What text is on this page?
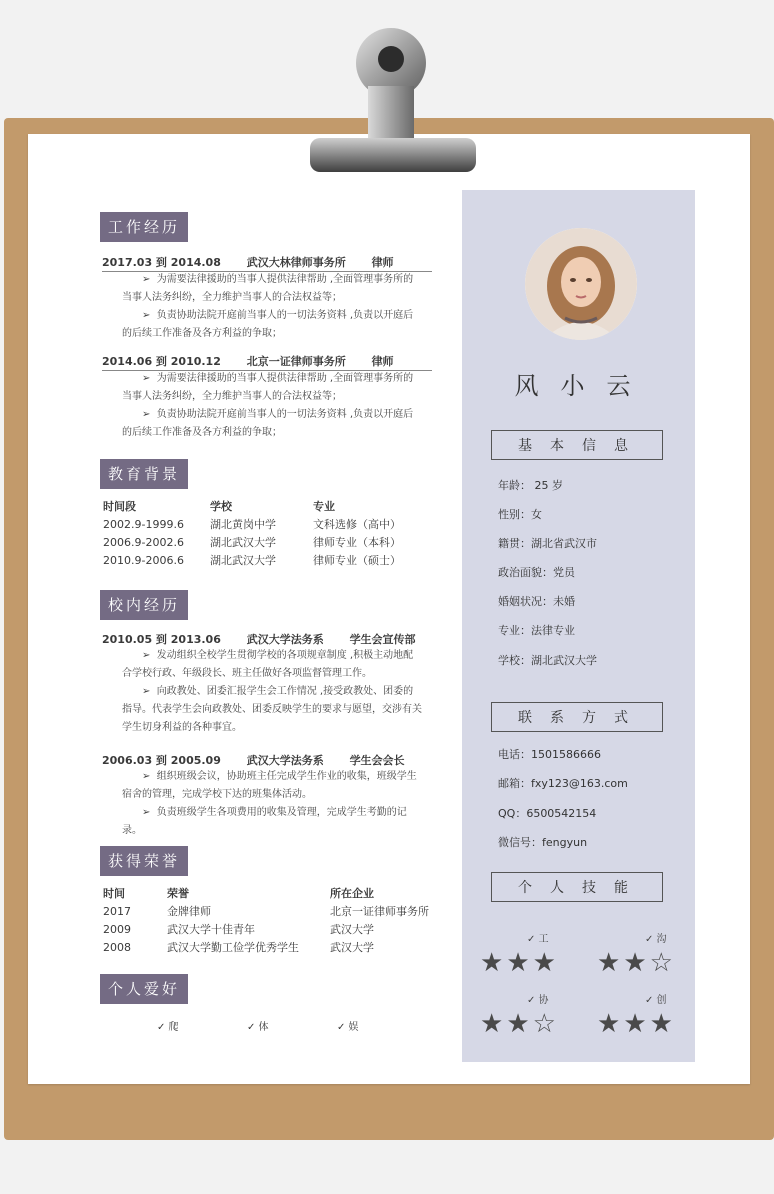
工作经历
2017.03 到 2014.08 武汉大林律师事务所 律师
➢  为需要法律援助的当事人提供法律帮助 ,全面管理事务所的
当事人法务纠纷，全力维护当事人的合法权益等；
➢  负责协助法院开庭前当事人的一切法务资料 ,负责以开庭后
的后续工作准备及各方利益的争取；
2014.06 到 2010.12 北京一证律师事务所 律师
➢  为需要法律援助的当事人提供法律帮助 ,全面管理事务所的
当事人法务纠纷，全力维护当事人的合法权益等；
➢  负责协助法院开庭前当事人的一切法务资料 ,负责以开庭后
的后续工作准备及各方利益的争取；
教育背景
时间段	学校	专业
2002.9-1999.6 湖北黄岗中学	文科选修（高中）
2006.9-2002.6 湖北武汉大学	律师专业（本科）
2010.9-2006.6 湖北武汉大学	律师专业（硕士）
校内经历
2010.05 到 2013.06 武汉大学法务系 学生会宣传部
➢  发动组织全校学生贯彻学校的各项规章制度 ,积极主动地配
合学校行政、年级段长、班主任做好各项监督管理工作。
➢  向政教处、团委汇报学生会工作情况 ,接受政教处、团委的
指导。代表学生会向政教处、团委反映学生的要求与愿望，交涉有关
学生切身利益的各种事宜。
2006.03 到 2005.09 武汉大学法务系 学生会会长
➢  组织班级会议，协助班主任完成学生作业的收集，班级学生
宿舍的管理，完成学校下达的班集体活动。
➢  负责班级学生各项费用的收集及管理，完成学生考勤的记
录。
获得荣誉
时间	荣誉	所在企业
2017	金牌律师	北京一证律师事务所
2009	武汉大学十佳青年	武汉大学
2008	武汉大学勤工俭学优秀学生	武汉大学
个人爱好
✓ 爬	✓ 体	✓ 娱
风小云
基本信息
年龄： 25 岁
性别：女
籍贯：湖北省武汉市
政治面貌：党员
婚姻状况：未婚
专业：法律专业
学校：湖北武汉大学
联系方式
电话：1501586666
邮箱：fxy123@163.com
QQ：6500542154
微信号：fengyun
个人技能
✓ 工
★★★
✓ 沟
★★☆
✓ 协
★★☆
✓ 创
★★★
